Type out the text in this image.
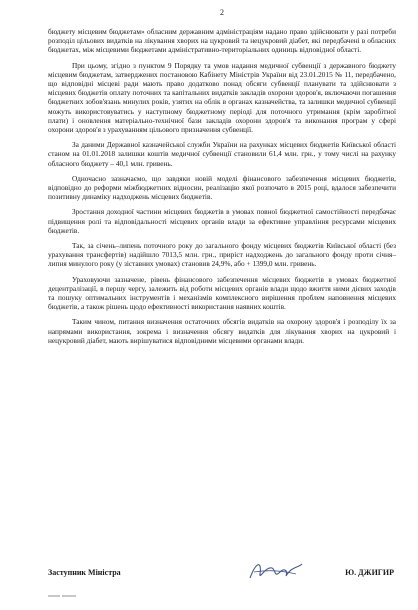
2

бюджету місцевим бюджетам» обласним державним адміністраціям надано право здійснювати у разі потреби розподіл цільових видатків на лікування хворих на цукровий та нецукровий діабет, які передбачені в обласних бюджетах, між місцевими бюджетами адміністративно-територіальних одиниць відповідної області.

При цьому, згідно з пунктом 9 Порядку та умов надання медичної субвенції з державного бюджету місцевим бюджетам, затверджених постановою Кабінету Міністрів України від 23.01.2015 № 11, передбачено, що відповідні місцеві ради мають право додатково понад обсяги субвенції планувати та здійснювати з місцевих бюджетів оплату поточних та капітальних видатків закладів охорони здоров'я, включаючи погашення бюджетних зобов'язань минулих років, узятих на облік в органах казначейства, та залишки медичної субвенції можуть використовуватись у наступному бюджетному періоді для поточного утримання (крім заробітної плати) і оновлення матеріально-технічної бази закладів охорони здоров'я та виконання програм у сфері охорони здоров'я з урахуванням цільового призначення субвенції.

За даними Державної казначейської служби України на рахунках місцевих бюджетів Київської області станом на 01.01.2018 залишки коштів медичної субвенції становили 61,4 млн. грн., у тому числі на рахунку обласного бюджету – 40,1 млн. гривень.

Одночасно зазначаємо, що завдяки новій моделі фінансового забезпечення місцевих бюджетів, відповідно до реформи міжбюджетних відносин, реалізацію якої розпочато в 2015 році, вдалося забезпечити позитивну динаміку надходжень місцевих бюджетів.

Зростання доходної частини місцевих бюджетів в умовах повної бюджетної самостійності передбачає підвищення ролі та відповідальності місцевих органів влади за ефективне управління ресурсами місцевих бюджетів.

Так, за січень–липень поточного року до загального фонду місцевих бюджетів Київської області (без урахування трансфертів) надійшло 7013,5 млн. грн., приріст надходжень до загального фонду проти січня–липня минулого року (у зіставних умовах) становив 24,9%, або + 1399,0 млн. гривень.

Ураховуючи зазначене, рівень фінансового забезпечення місцевих бюджетів в умовах бюджетної децентралізації, в першу чергу, залежить від роботи місцевих органів влади щодо вжиття ними дієвих заходів та пошуку оптимальних інструментів і механізмів комплексного вирішення проблем наповнення місцевих бюджетів, а також рішень щодо ефективності використання наявних коштів.

Таким чином, питання визначення остаточних обсягів видатків на охорону здоров'я і розподілу їх за напрямами використання, зокрема і визначення обсягу видатків для лікування хворих на цукровий і нецукровий діабет, мають вирішуватися відповідними місцевими органами влади.

Заступник Міністра	Ю. ДЖИГИР
